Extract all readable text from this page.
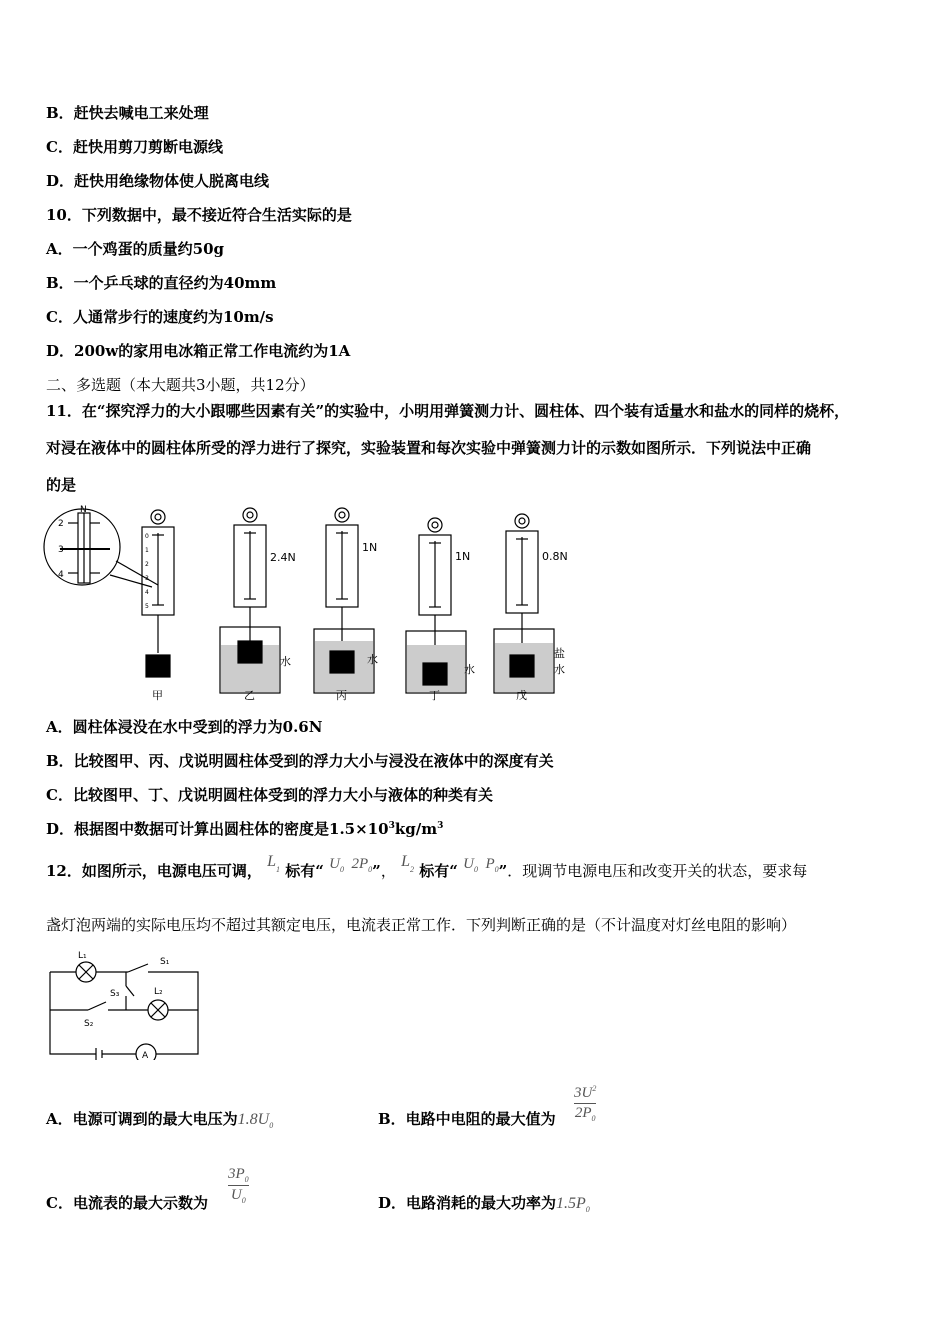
B．赶快去喊电工来处理
C．赶快用剪刀剪断电源线
D．赶快用绝缘物体使人脱离电线
10．下列数据中，最不接近符合生活实际的是
A．一个鸡蛋的质量约50g
B．一个乒乓球的直径约为40mm
C．人通常步行的速度约为10m/s
D．200w的家用电冰箱正常工作电流约为1A
二、多选题（本大题共3小题，共12分）
11．在“探究浮力的大小跟哪些因素有关”的实验中，小明用弹簧测力计、圆柱体、四个装有适量水和盐水的同样的烧杯，
对浸在液体中的圆柱体所受的浮力进行了探究，实验装置和每次实验中弹簧测力计的示数如图所示．下列说法中正确
的是
N
2
3
4
0
1
2
3
4
5
2.4N
1N
1N	0.8N
水	水
水
盐
水
甲	乙	丙	丁	戊
A．圆柱体浸没在水中受到的浮力为0.6N
B．比较图甲、丙、戊说明圆柱体受到的浮力大小与浸没在液体中的深度有关
C．比较图甲、丁、戊说明圆柱体受到的浮力大小与液体的种类有关
D．根据图中数据可计算出圆柱体的密度是$1.5\times 10^3kg/m^3$
12．如图所示，电源电压可调， $L_1$ 标有“ $U_0$ $2P_0$”， $L_2$ 标有“ $U_0$ $P_0$”．现调节电源电压和改变开关的状态，要求每
盏灯泡两端的实际电压均不超过其额定电压，电流表正常工作．下列判断正确的是（不计温度对灯丝电阻的影响）
L₁
S₁
S₃	L₂
S₂
A
A．电源可调到的最大电压为$1.8U_0$	B．电路中电阻的最大值为
$3U^2$
$2P_0$
C．电流表的最大示数为
$3P_0$
$U_0$	D．电路消耗的最大功率为$1.5P_0$
